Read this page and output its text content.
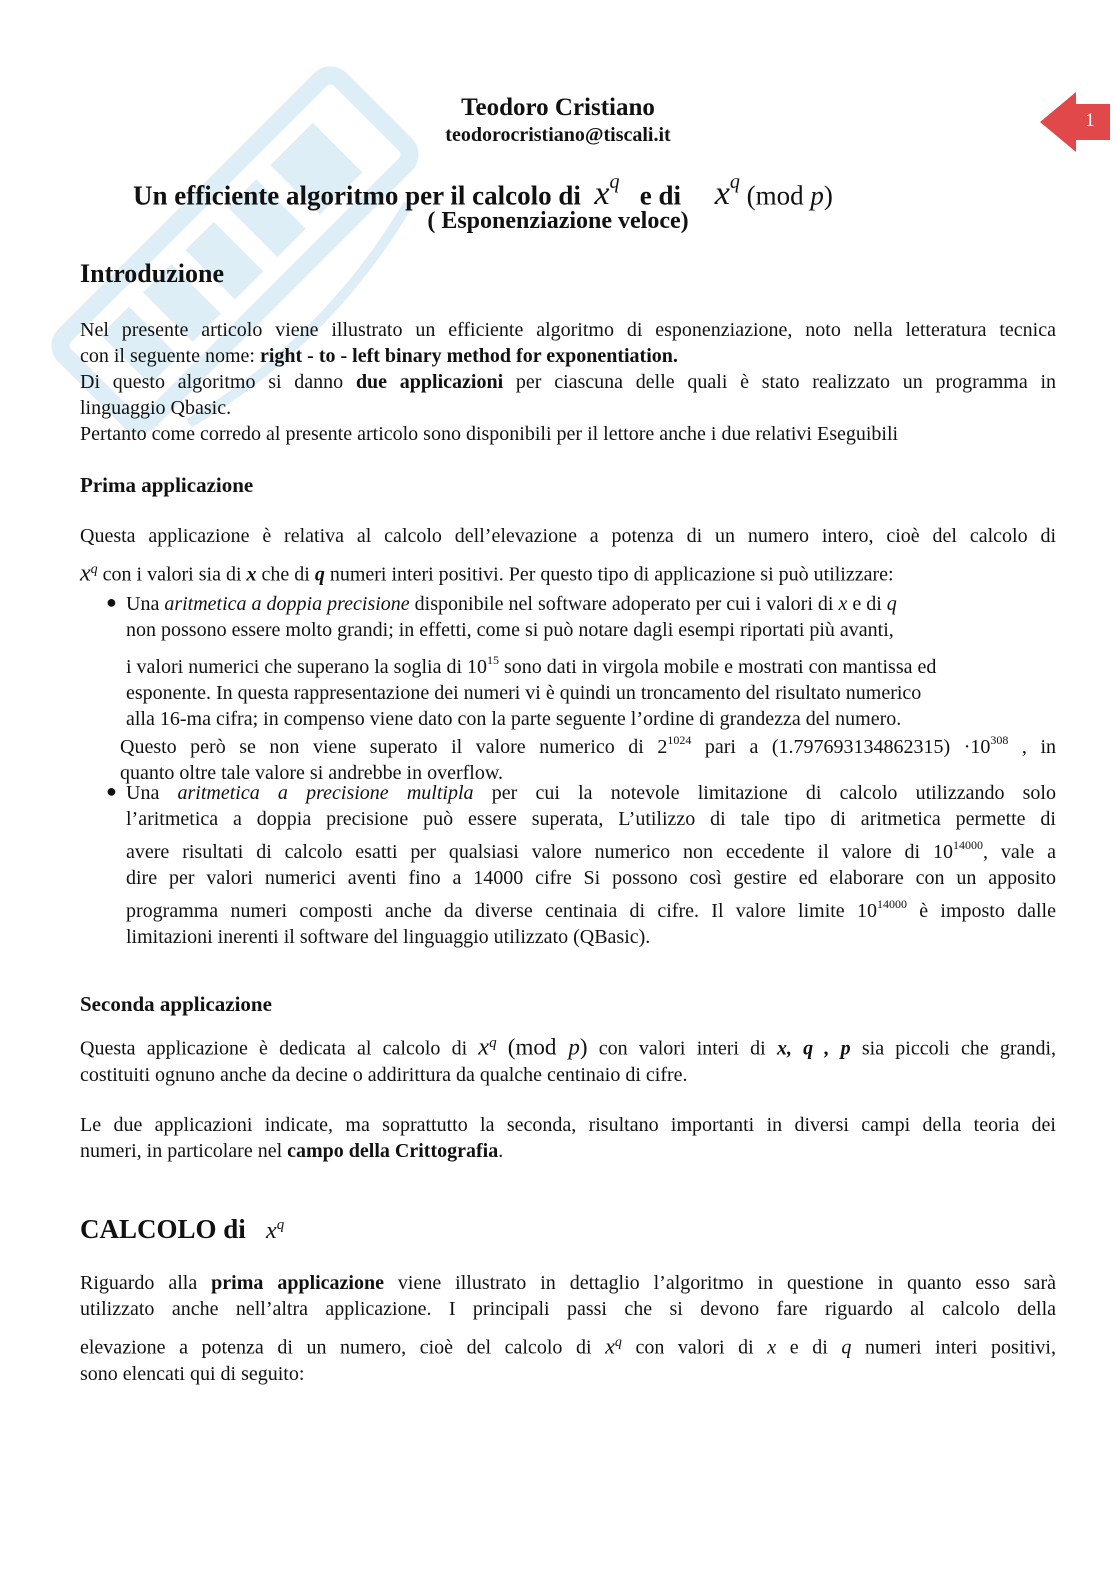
1
Teodoro Cristiano
teodorocristiano@tiscali.it
Un efficiente algoritmo per il calcolo di $x^q$ e di $x^q$ (mod p)
( Esponenziazione veloce)
Introduzione
Nel presente articolo viene illustrato un efficiente algoritmo di esponenziazione, noto nella letteratura tecnica
con il seguente nome: right - to - left binary method for exponentiation.
Di questo algoritmo si danno due applicazioni per ciascuna delle quali è stato realizzato un programma in
linguaggio Qbasic.
Pertanto come corredo al presente articolo sono disponibili per il lettore anche i due relativi Eseguibili
Prima applicazione
Questa applicazione è relativa al calcolo dell’elevazione a potenza di un numero intero, cioè del calcolo di
$x^q$ con i valori sia di x che di q numeri interi positivi. Per questo tipo di applicazione si può utilizzare:
● Una aritmetica a doppia precisione disponibile nel software adoperato per cui i valori di x e di q
non possono essere molto grandi; in effetti, come si può notare dagli esempi riportati più avanti,
i valori numerici che superano la soglia di $10^{15}$ sono dati in virgola mobile e mostrati con mantissa ed
esponente. In questa rappresentazione dei numeri vi è quindi un troncamento del risultato numerico
alla 16-ma cifra; in compenso viene dato con la parte seguente l’ordine di grandezza del numero.
Questo però se non viene superato il valore numerico di $2^{1024}$ pari a $(1.797693134862315) \cdot 10^{308}$ , in
quanto oltre tale valore si andrebbe in overflow.
● Una aritmetica a precisione multipla per cui la notevole limitazione di calcolo utilizzando solo
l’aritmetica a doppia precisione può essere superata, L’utilizzo di tale tipo di aritmetica permette di
avere risultati di calcolo esatti per qualsiasi valore numerico non eccedente il valore di $10^{14000}$, vale a
dire per valori numerici aventi fino a 14000 cifre Si possono così gestire ed elaborare con un apposito
programma numeri composti anche da diverse centinaia di cifre. Il valore limite $10^{14000}$ è imposto dalle
limitazioni inerenti il software del linguaggio utilizzato (QBasic).
Seconda applicazione
Questa applicazione è dedicata al calcolo di $x^q$ (mod p) con valori interi di x, q , p sia piccoli che grandi,
costituiti ognuno anche da decine o addirittura da qualche centinaio di cifre.
Le due applicazioni indicate, ma soprattutto la seconda, risultano importanti in diversi campi della teoria dei
numeri, in particolare nel campo della Crittografia.
CALCOLO di $x^q$
Riguardo alla prima applicazione viene illustrato in dettaglio l’algoritmo in questione in quanto esso sarà
utilizzato anche nell’altra applicazione. I principali passi che si devono fare riguardo al calcolo della
elevazione a potenza di un numero, cioè del calcolo di $x^q$ con valori di x e di q numeri interi positivi,
sono elencati qui di seguito:
